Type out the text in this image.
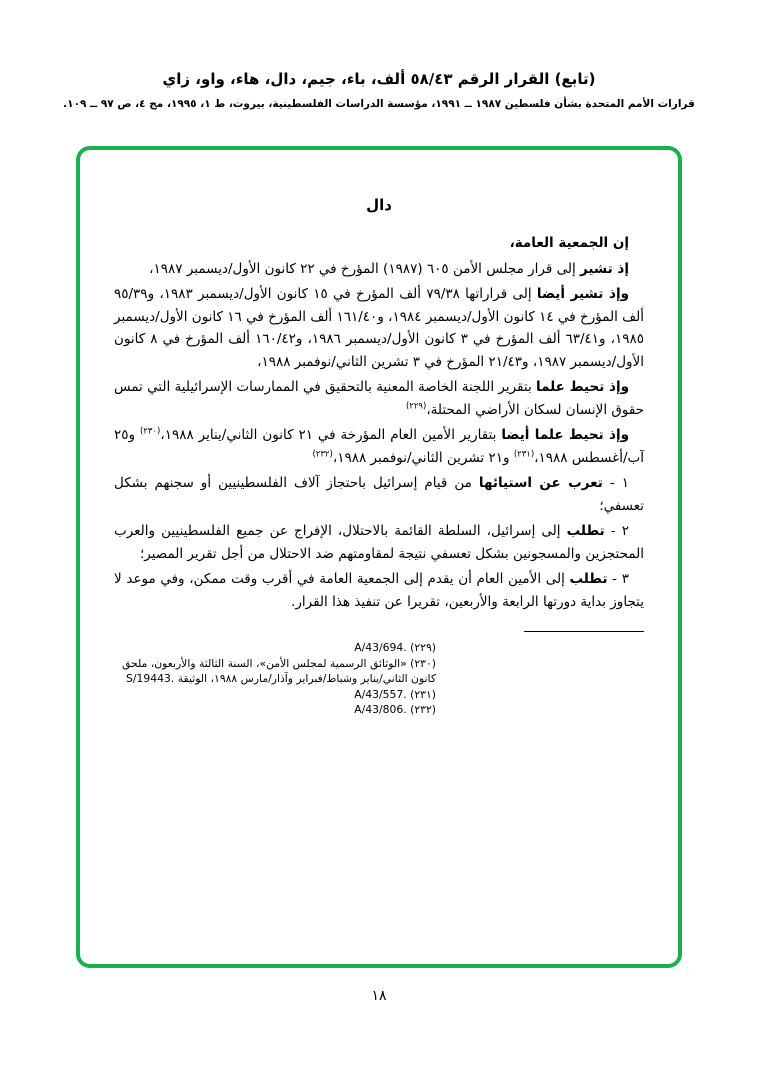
(تابع) القرار الرقم ٥٨/٤٣ ألف، باء، جيم، دال، هاء، واو، زاي
قرارات الأمم المتحدة بشأن فلسطين ١٩٨٧ ــ ١٩٩١، مؤسسة الدراسات الفلسطينية، بيروت، ط ١، ١٩٩٥، مج ٤، ص ٩٧ ــ ١٠٩.
دال

إن الجمعية العامة،

إذ تشير إلى قرار مجلس الأمن ٦٠٥ (١٩٨٧) المؤرخ في ٢٢ كانون الأول/ديسمبر ١٩٨٧،

وإذ تشير أيضا إلى قراراتها ٧٩/٣٨ ألف المؤرخ في ١٥ كانون الأول/ديسمبر ١٩٨٣، و٩٥/٣٩ ألف المؤرخ في ١٤ كانون الأول/ديسمبر ١٩٨٤، و١٦١/٤٠ ألف المؤرخ في ١٦ كانون الأول/ديسمبر ١٩٨٥، و٦٣/٤١ ألف المؤرخ في ٣ كانون الأول/ديسمبر ١٩٨٦، و١٦٠/٤٢ ألف المؤرخ في ٨ كانون الأول/ديسمبر ١٩٨٧، و٢١/٤٣ المؤرخ في ٣ تشرين الثاني/نوفمبر ١٩٨٨،

وإذ تحيط علما بتقرير اللجنة الخاصة المعنية بالتحقيق في الممارسات الإسرائيلية التي تمس حقوق الإنسان لسكان الأراضي المحتلة،$^{(٢٢٩)}$

وإذ تحيط علما أيضا بتقارير الأمين العام المؤرخة في ٢١ كانون الثاني/يناير ١٩٨٨،$^{(٢٣٠)}$ و٢٥ آب/أغسطس ١٩٨٨،$^{(٢٣١)}$ و٢١ تشرين الثاني/نوفمبر ١٩٨٨،$^{(٢٣٢)}$

١ - تعرب عن استيائها من قيام إسرائيل باحتجاز آلاف الفلسطينيين أو سجنهم بشكل تعسفي؛

٢ - تطلب إلى إسرائيل، السلطة القائمة بالاحتلال، الإفراج عن جميع الفلسطينيين والعرب المحتجزين والمسجونين بشكل تعسفي نتيجة لمقاومتهم ضد الاحتلال من أجل تقرير المصير؛

٣ - تطلب إلى الأمين العام أن يقدم إلى الجمعية العامة في أقرب وقت ممكن، وفي موعد لا يتجاوز بداية دورتها الرابعة والأربعين، تقريرا عن تنفيذ هذا القرار.

(٢٢٩) A/43/694.

(٢٣٠) «الوثائق الرسمية لمجلس الأمن»، السنة الثالثة والأربعون، ملحق كانون الثاني/يناير وشباط/فبراير وآذار/مارس ١٩٨٨، الوثيقة S/19443.

(٢٣١) A/43/557.

(٢٣٢) A/43/806.

١٨
